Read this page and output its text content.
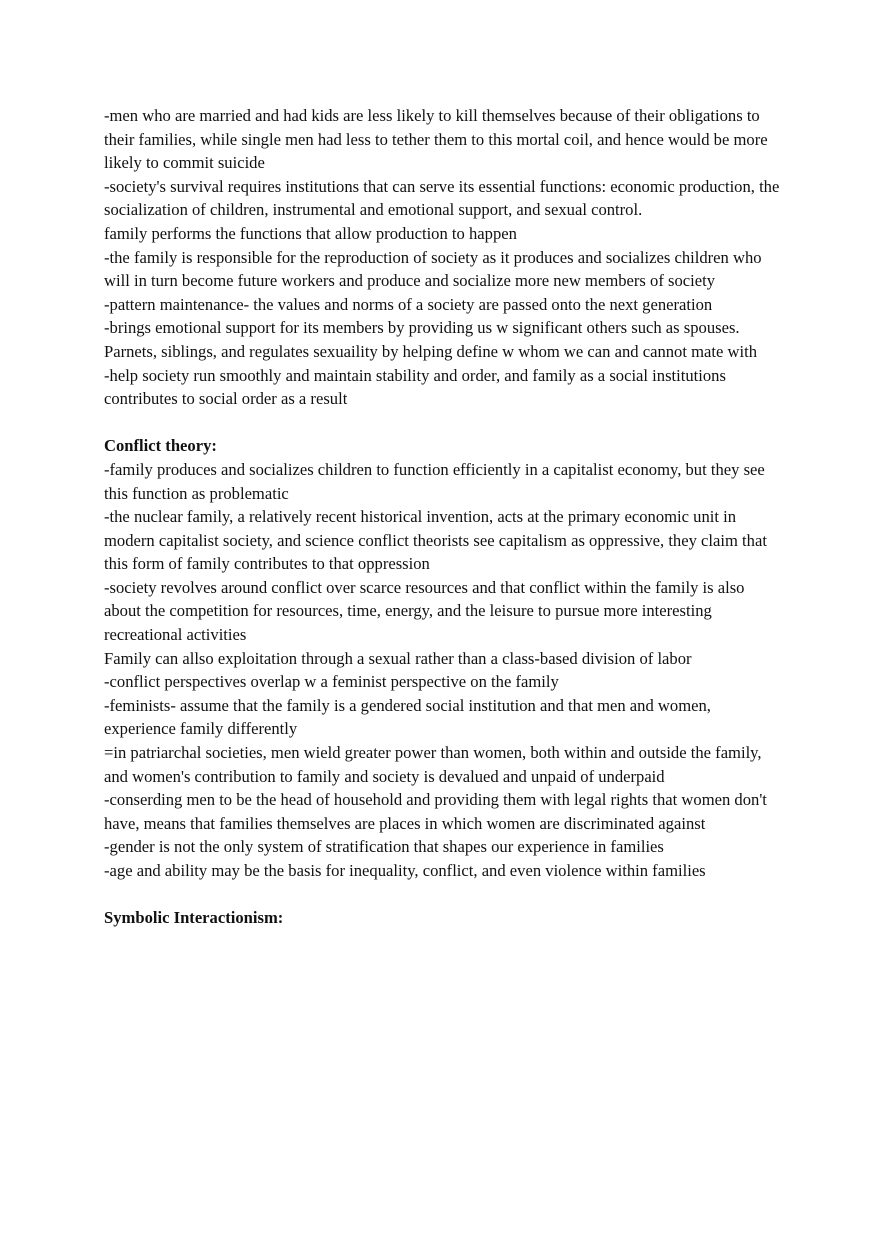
-men who are married and had kids are less likely to kill themselves because of their obligations to their families, while single men had less to tether them to this mortal coil, and hence would be more likely to commit suicide

-society's survival requires institutions that can serve its essential functions: economic production, the socialization of children, instrumental and emotional support, and sexual control.

family performs the functions that allow production to happen

-the family is responsible for the reproduction of society as it produces and socializes children who will in turn become future workers and produce and socialize more new members of society

-pattern maintenance- the values and norms of a society are passed onto the next generation

-brings emotional support for its members by providing us w significant others such as spouses. Parnets, siblings, and regulates sexuaility by helping define w whom we can and cannot mate with

-help society run smoothly and maintain stability and order, and family as a social institutions contributes to social order as a result

Conflict theory:

-family produces and socializes children to function efficiently in a capitalist economy, but they see this function as problematic

-the nuclear family, a relatively recent historical invention, acts at the primary economic unit in modern capitalist society, and science conflict theorists see capitalism as oppressive, they claim that this form of family contributes to that oppression

-society revolves around conflict over scarce resources and that conflict within the family is also about the competition for resources, time, energy, and the leisure to pursue more interesting recreational activities

Family can allso exploitation through a sexual rather than a class-based division of labor

-conflict perspectives overlap w a feminist perspective on the family

-feminists- assume that the family is a gendered social institution and that men and women, experience family differently

=in patriarchal societies, men wield greater power than women, both within and outside the family, and women's contribution to family and society is devalued and unpaid of underpaid

-conserding men to be the head of household and providing them with legal rights that women don't have, means that families themselves are places in which women are discriminated against

-gender is not the only system of stratification that shapes our experience in families

-age and ability may be the basis for inequality, conflict, and even violence within families

Symbolic Interactionism:
